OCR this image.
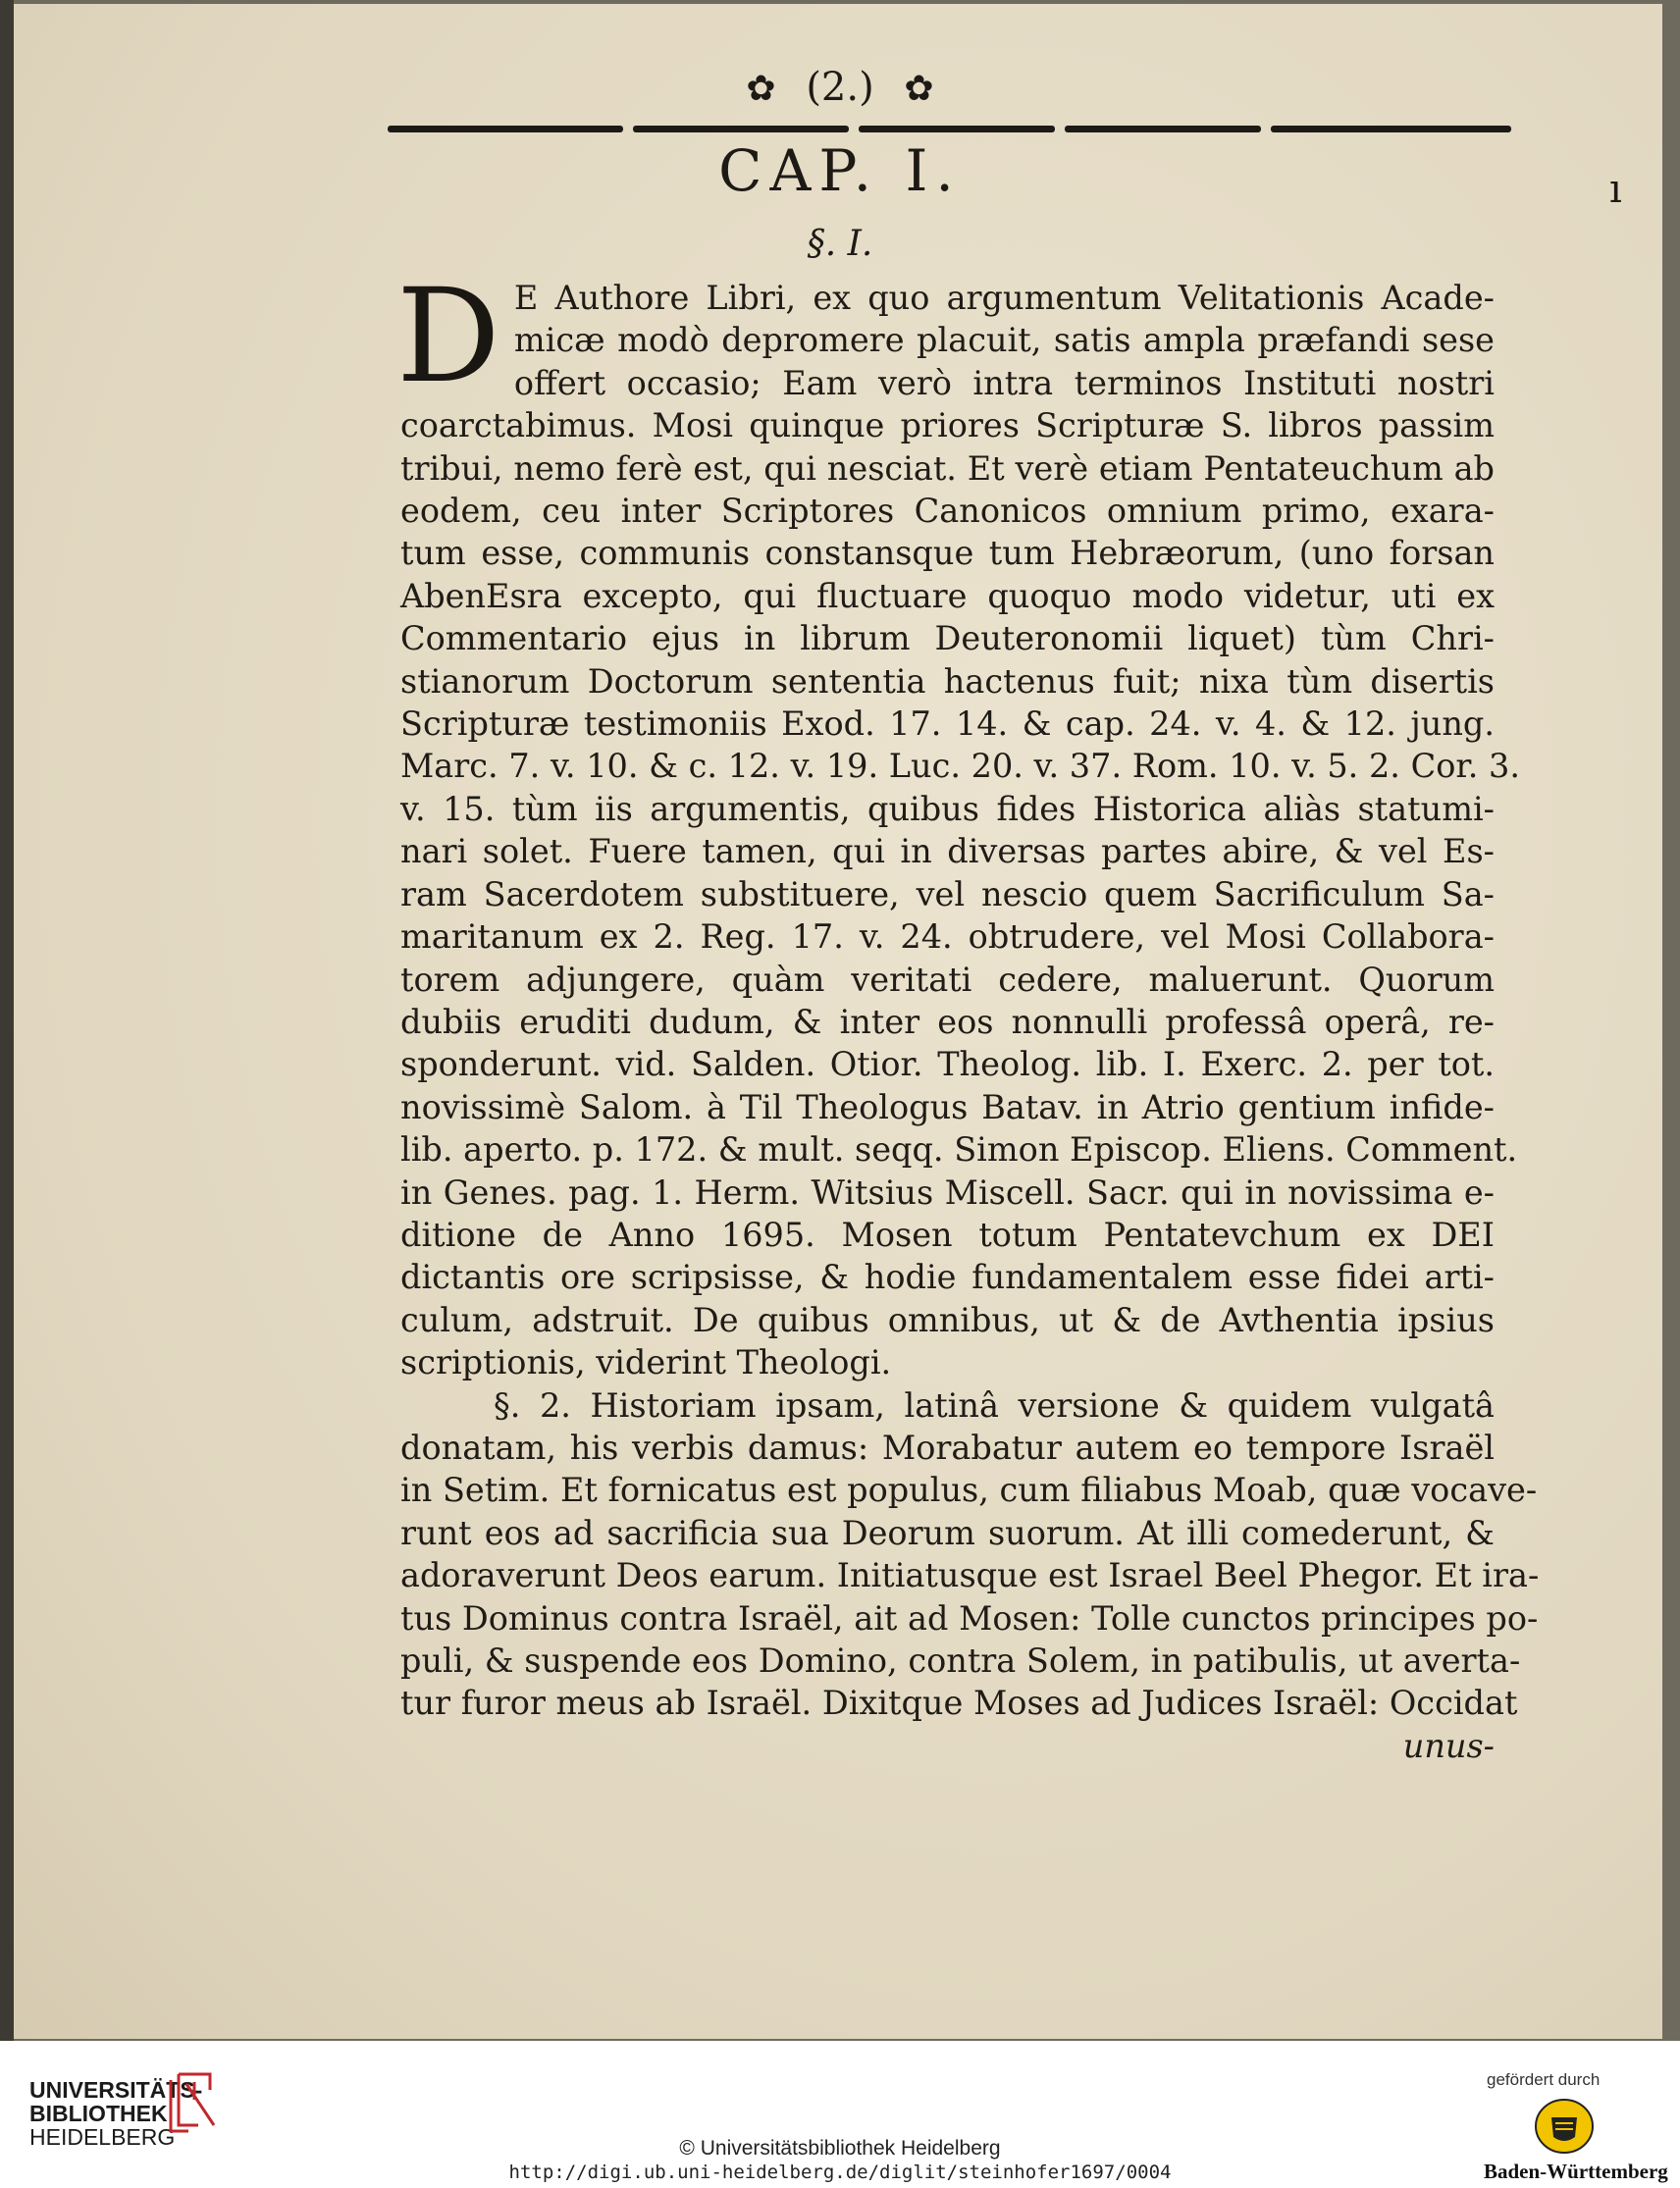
✿ (2.) ✿
CAP. I.
§. I.
ı
D E Authore Libri, ex quo argumentum Velitationis Acade-
micæ modò depromere placuit, satis ampla præfandi sese
offert occasio; Eam verò intra terminos Instituti nostri
coarctabimus. Mosi quinque priores Scripturæ S. libros passim
tribui, nemo ferè est, qui nesciat. Et verè etiam Pentateuchum ab
eodem, ceu inter Scriptores Canonicos omnium primo, exara-
tum esse, communis constansque tum Hebræorum, (uno forsan
AbenEsra excepto, qui fluctuare quoquo modo videtur, uti ex
Commentario ejus in librum Deuteronomii liquet) tùm Chri-
stianorum Doctorum sententia hactenus fuit; nixa tùm disertis
Scripturæ testimoniis Exod. 17. 14. & cap. 24. v. 4. & 12. jung.
Marc. 7. v. 10. & c. 12. v. 19. Luc. 20. v. 37. Rom. 10. v. 5. 2. Cor. 3.
v. 15. tùm iis argumentis, quibus fides Historica aliàs statumi-
nari solet. Fuere tamen, qui in diversas partes abire, & vel Es-
ram Sacerdotem substituere, vel nescio quem Sacrificulum Sa-
maritanum ex 2. Reg. 17. v. 24. obtrudere, vel Mosi Collabora-
torem adjungere, quàm veritati cedere, maluerunt. Quorum
dubiis eruditi dudum, & inter eos nonnulli professâ operâ, re-
sponderunt. vid. Salden. Otior. Theolog. lib. I. Exerc. 2. per tot.
novissimè Salom. à Til Theologus Batav. in Atrio gentium infide-
lib. aperto. p. 172. & mult. seqq. Simon Episcop. Eliens. Comment.
in Genes. pag. 1. Herm. Witsius Miscell. Sacr. qui in novissima e-
ditione de Anno 1695. Mosen totum Pentatevchum ex DEI
dictantis ore scripsisse, & hodie fundamentalem esse fidei arti-
culum, adstruit. De quibus omnibus, ut & de Avthentia ipsius
scriptionis, viderint Theologi.
§. 2. Historiam ipsam, latinâ versione & quidem vulgatâ
donatam, his verbis damus: Morabatur autem eo tempore Israël
in Setim. Et fornicatus est populus, cum filiabus Moab, quæ vocave-
runt eos ad sacrificia sua Deorum suorum. At illi comederunt, &
adoraverunt Deos earum. Initiatusque est Israel Beel Phegor. Et ira-
tus Dominus contra Israël, ait ad Mosen: Tolle cunctos principes po-
puli, & suspende eos Domino, contra Solem, in patibulis, ut averta-
tur furor meus ab Israël. Dixitque Moses ad Judices Israël: Occidat
unus-
UNIVERSITÄTS-
BIBLIOTHEK
HEIDELBERG	© Universitätsbibliothek Heidelberg
http://digi.ub.uni-heidelberg.de/diglit/steinhofer1697/0004
gefördert durch
Baden-Württemberg
